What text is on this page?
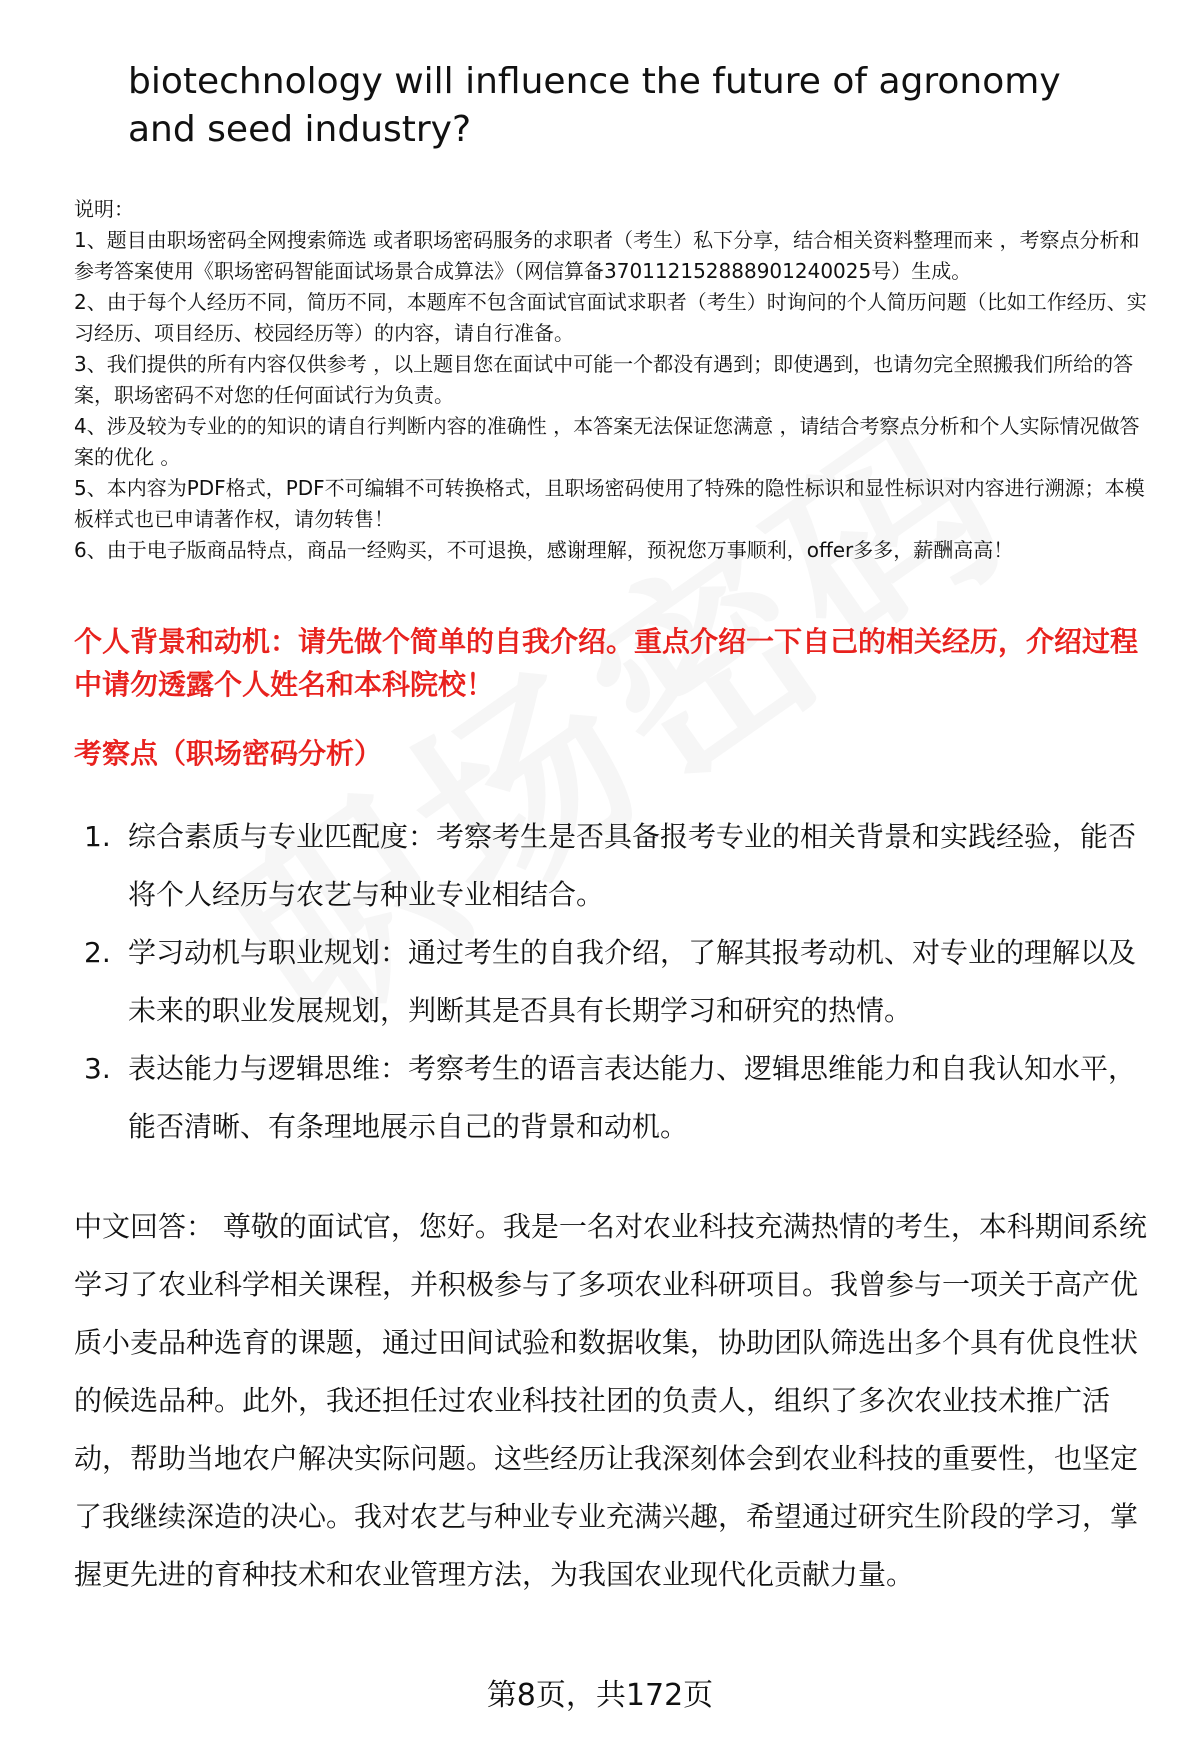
biotechnology will influence the future of agronomy and seed industry?

说明：

1、题目由职场密码全网搜索筛选 或者职场密码服务的求职者（考生）私下分享，结合相关资料整理而来 ，考察点分析和参考答案使用《职场密码智能面试场景合成算法》（网信算备370112152888901240025号）生成。

2、由于每个人经历不同，简历不同，本题库不包含面试官面试求职者（考生）时询问的个人简历问题（比如工作经历、实习经历、项目经历、校园经历等）的内容，请自行准备。

3、我们提供的所有内容仅供参考 ，以上题目您在面试中可能一个都没有遇到；即使遇到，也请勿完全照搬我们所给的答案，职场密码不对您的任何面试行为负责。

4、涉及较为专业的的知识的请自行判断内容的准确性 ，本答案无法保证您满意 ，请结合考察点分析和个人实际情况做答案的优化 。

5、本内容为PDF格式，PDF不可编辑不可转换格式，且职场密码使用了特殊的隐性标识和显性标识对内容进行溯源；本模板样式也已申请著作权，请勿转售！

6、由于电子版商品特点，商品一经购买，不可退换，感谢理解，预祝您万事顺利，offer多多，薪酬高高！

个人背景和动机：请先做个简单的自我介绍。重点介绍一下自己的相关经历，介绍过程中请勿透露个人姓名和本科院校！
考察点（职场密码分析）
1. 综合素质与专业匹配度：考察考生是否具备报考专业的相关背景和实践经验，能否将个人经历与农艺与种业专业相结合。
2. 学习动机与职业规划：通过考生的自我介绍，了解其报考动机、对专业的理解以及未来的职业发展规划，判断其是否具有长期学习和研究的热情。
3. 表达能力与逻辑思维：考察考生的语言表达能力、逻辑思维能力和自我认知水平，能否清晰、有条理地展示自己的背景和动机。

中文回答： 尊敬的面试官，您好。我是一名对农业科技充满热情的考生，本科期间系统学习了农业科学相关课程，并积极参与了多项农业科研项目。我曾参与一项关于高产优质小麦品种选育的课题，通过田间试验和数据收集，协助团队筛选出多个具有优良性状的候选品种。此外，我还担任过农业科技社团的负责人，组织了多次农业技术推广活动，帮助当地农户解决实际问题。这些经历让我深刻体会到农业科技的重要性，也坚定了我继续深造的决心。我对农艺与种业专业充满兴趣，希望通过研究生阶段的学习，掌握更先进的育种技术和农业管理方法，为我国农业现代化贡献力量。

第8页，共172页
